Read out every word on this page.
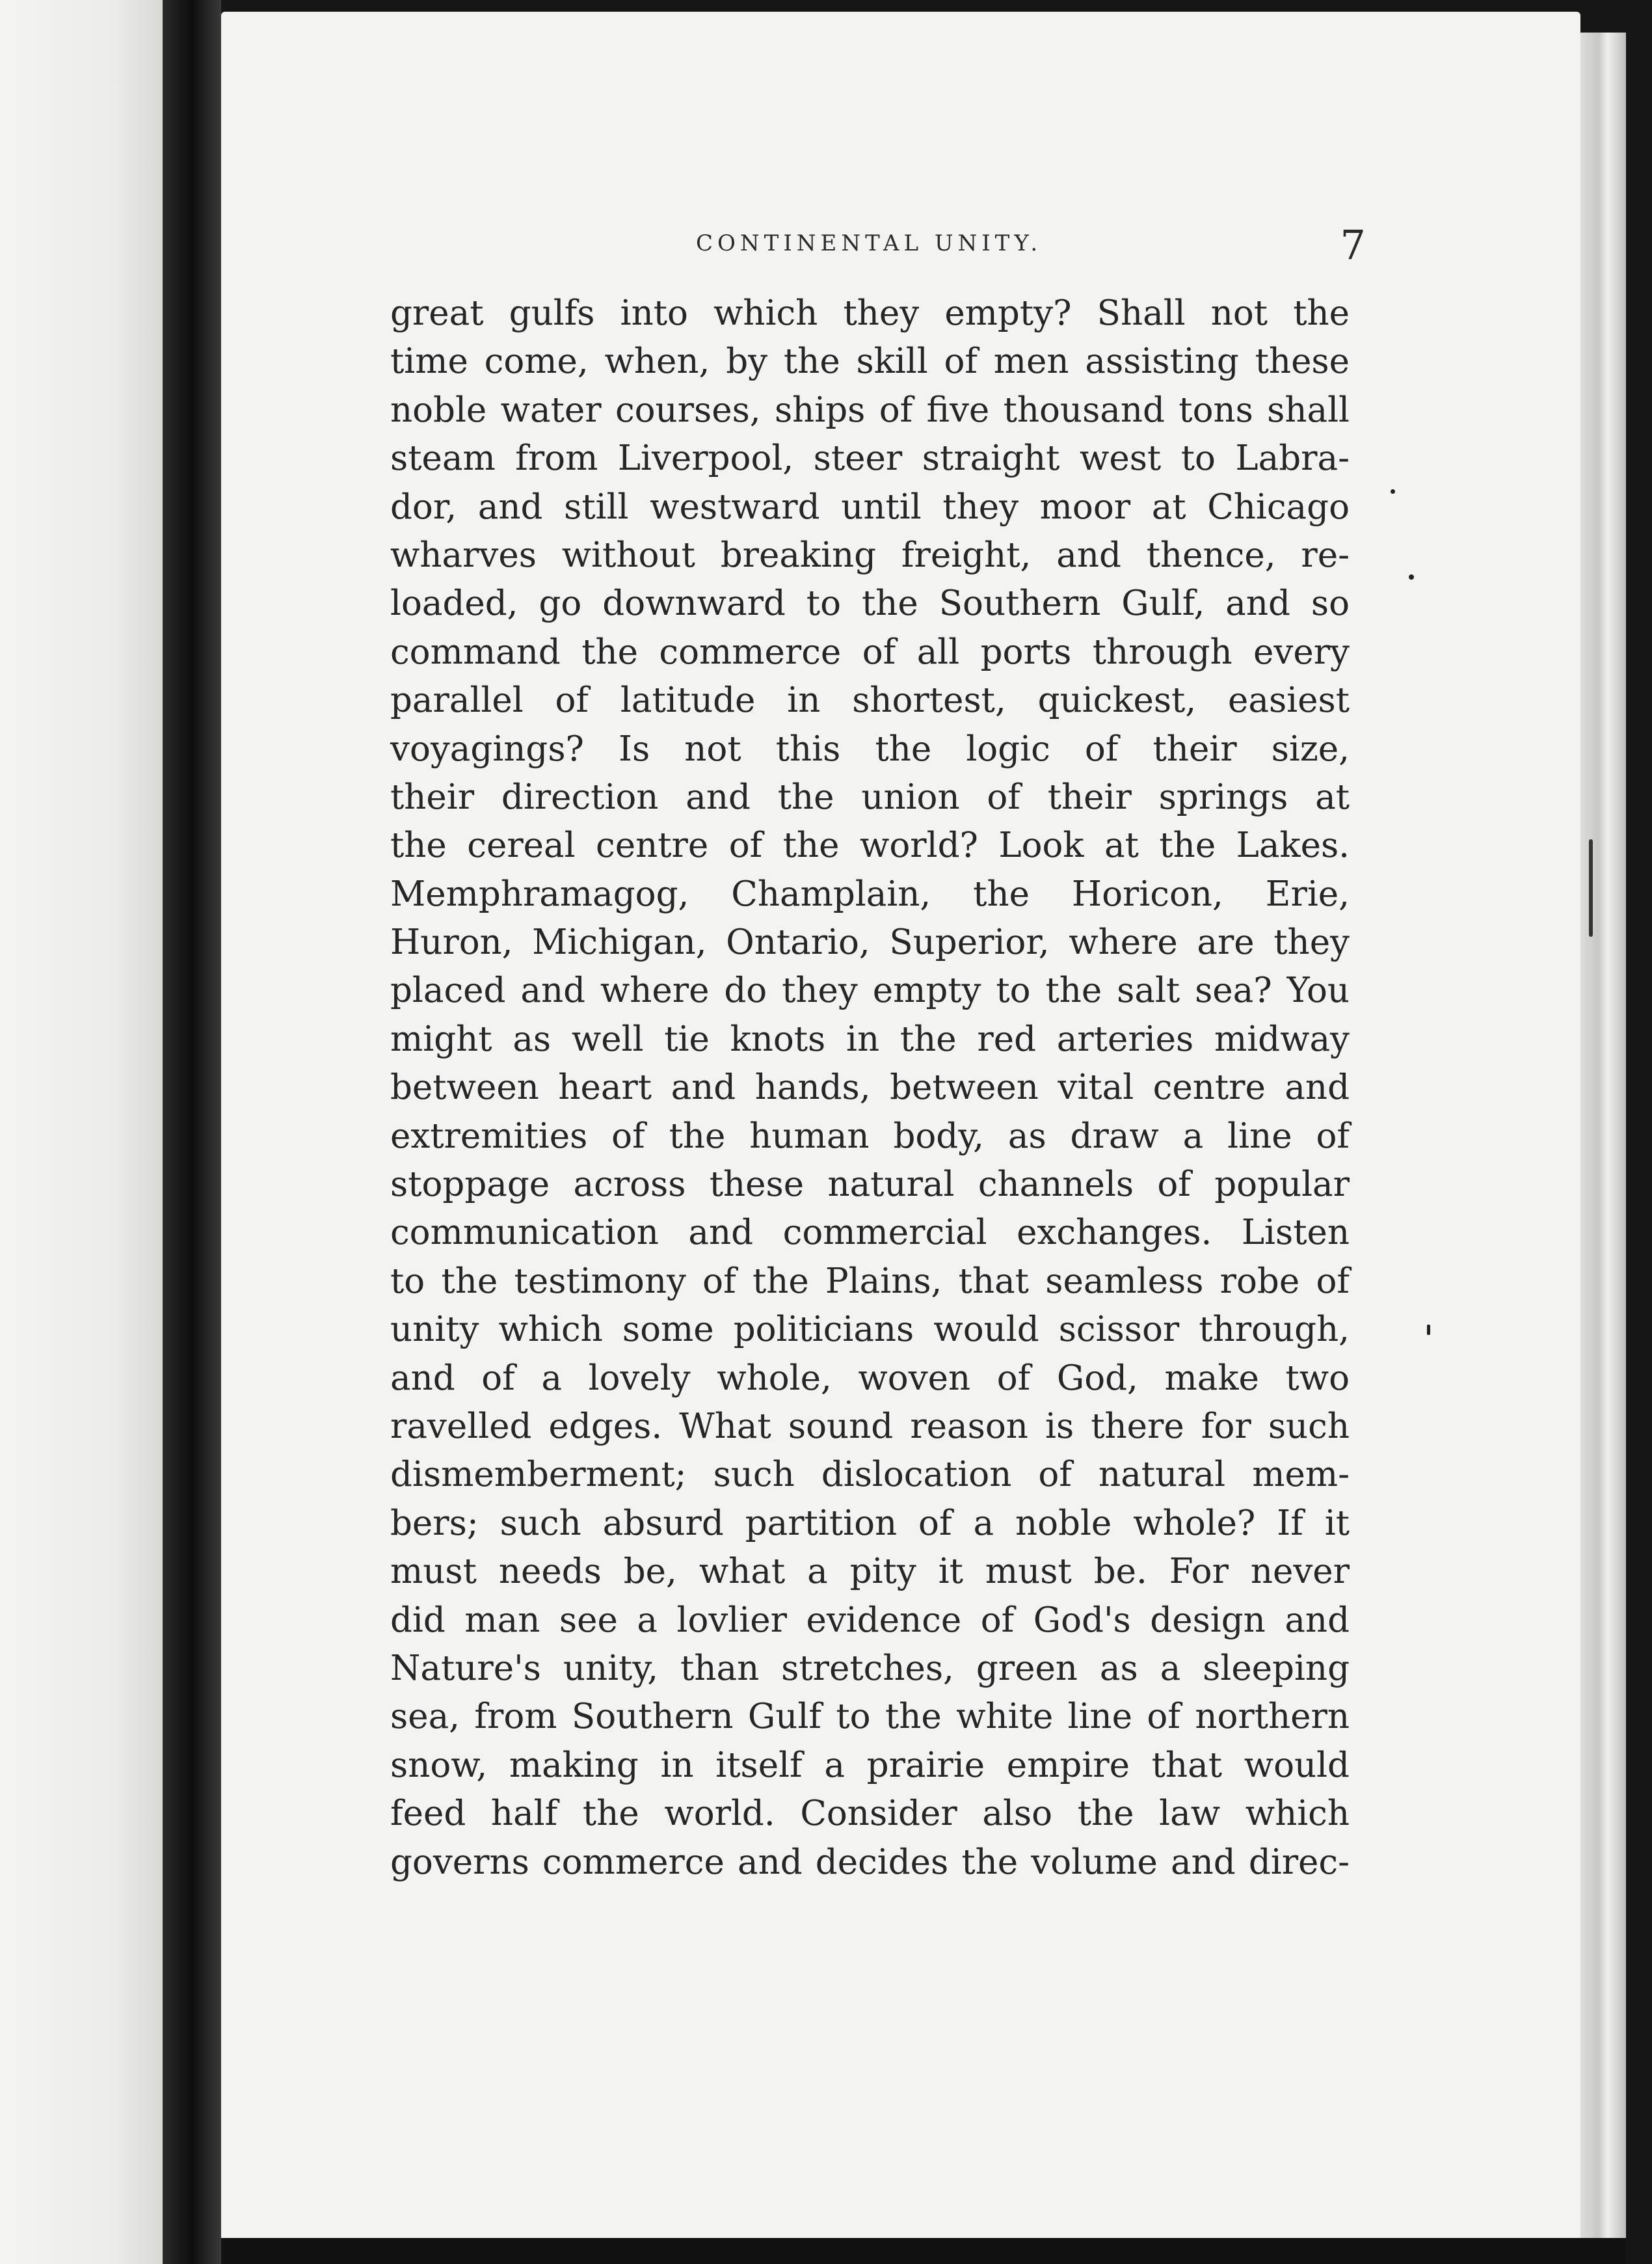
CONTINENTAL UNITY.	7
great gulfs into which they empty? Shall not the
time come, when, by the skill of men assisting these
noble water courses, ships of five thousand tons shall
steam from Liverpool, steer straight west to Labra-
dor, and still westward until they moor at Chicago
wharves without breaking freight, and thence, re-
loaded, go downward to the Southern Gulf, and so
command the commerce of all ports through every
parallel of latitude in shortest, quickest, easiest
voyagings? Is not this the logic of their size,
their direction and the union of their springs at
the cereal centre of the world? Look at the Lakes.
Memphramagog, Champlain, the Horicon, Erie,
Huron, Michigan, Ontario, Superior, where are they
placed and where do they empty to the salt sea? You
might as well tie knots in the red arteries midway
between heart and hands, between vital centre and
extremities of the human body, as draw a line of
stoppage across these natural channels of popular
communication and commercial exchanges. Listen
to the testimony of the Plains, that seamless robe of
unity which some politicians would scissor through,
and of a lovely whole, woven of God, make two
ravelled edges. What sound reason is there for such
dismemberment; such dislocation of natural mem-
bers; such absurd partition of a noble whole? If it
must needs be, what a pity it must be. For never
did man see a lovlier evidence of God's design and
Nature's unity, than stretches, green as a sleeping
sea, from Southern Gulf to the white line of northern
snow, making in itself a prairie empire that would
feed half the world. Consider also the law which
governs commerce and decides the volume and direc-
